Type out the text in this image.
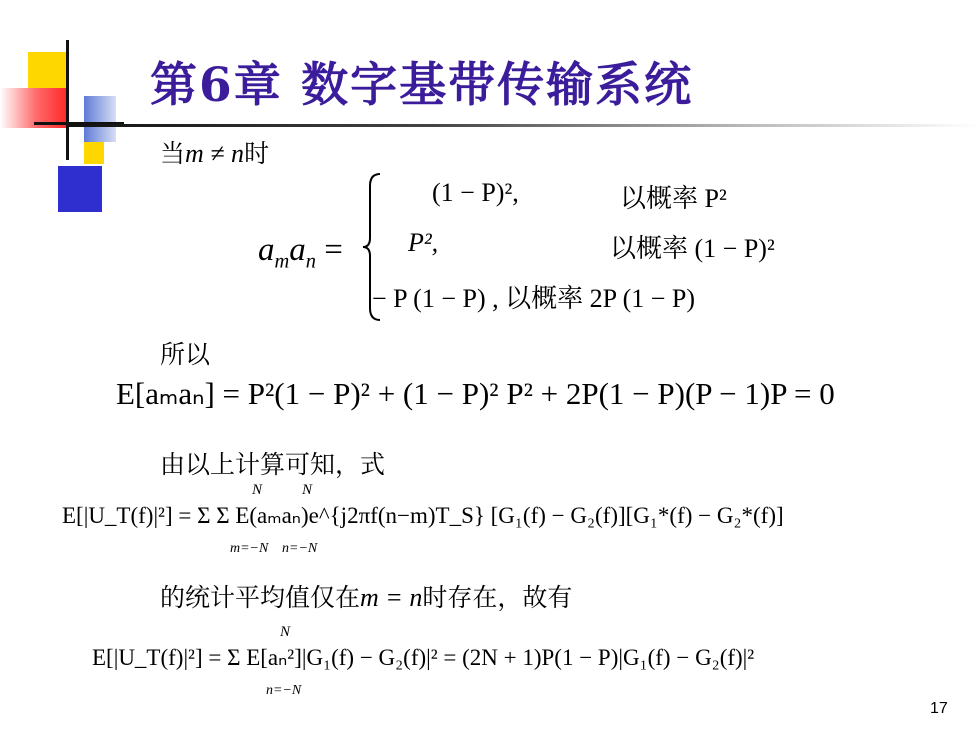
第6章 数字基带传输系统
当m ≠ n时
$a_ma_n$ =
(1 − P)²,	以概率 P²
P²,	以概率 (1 − P)²
− P (1 − P) , 以概率 2P (1 − P)
所以
E[aₘaₙ] = P²(1 − P)² + (1 − P)² P² + 2P(1 − P)(P − 1)P = 0
由以上计算可知，式
E[|U_T(f)|²] = Σ Σ E(aₘaₙ)e^{j2πf(n−m)T_S} [G₁(f) − G₂(f)][G₁*(f) − G₂*(f)]
N	N
m=−N n=−N
的统计平均值仅在m = n时存在，故有
E[|U_T(f)|²] = Σ E[aₙ²]|G₁(f) − G₂(f)|² = (2N + 1)P(1 − P)|G₁(f) − G₂(f)|²
N
n=−N
17
